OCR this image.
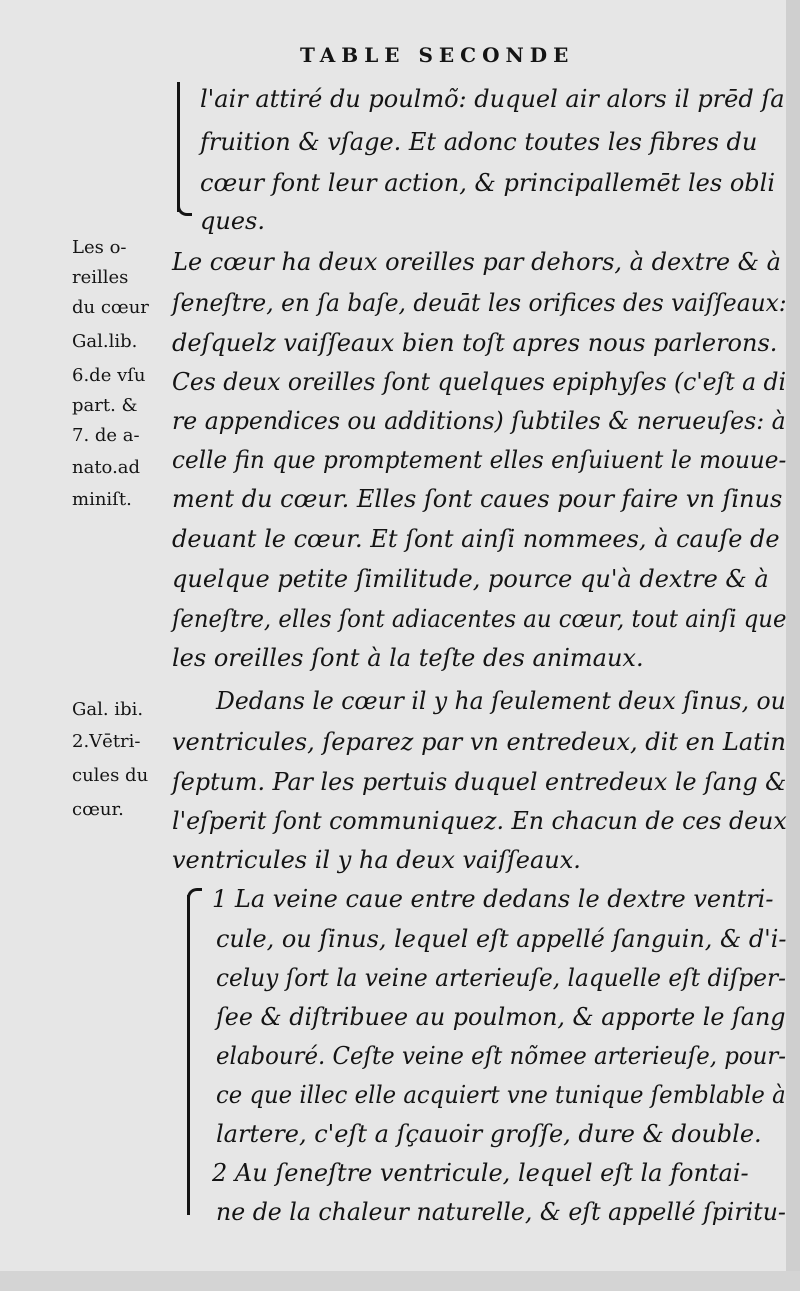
TABLE SECONDE
l'air attiré du poulmõ: duquel air alors il prēd ſa
fruition & vſage. Et adonc toutes les fibres du
cœur font leur action, & principallemēt les obli
ques.
Les o-
reilles
du cœur
Gal.lib.
6.de vſu
part. &
7. de a-
nato.ad
miniſt.
Le cœur ha deux oreilles par dehors, à dextre & à
ſeneſtre, en ſa baſe, deuāt les orifices des vaiſſeaux:
deſquelz vaiſſeaux bien toſt apres nous parlerons.
Ces deux oreilles ſont quelques epiphyſes (c'eſt a di
re appendices ou additions) ſubtiles & nerueuſes: à
celle fin que promptement elles enſuiuent le mouue-
ment du cœur. Elles ſont caues pour faire vn ſinus
deuant le cœur. Et ſont ainſi nommees, à cauſe de
quelque petite ſimilitude, pource qu'à dextre & à
ſeneſtre, elles ſont adiacentes au cœur, tout ainſi que
les oreilles ſont à la teſte des animaux.
Gal. ibi.
2.Vētri-
cules du
cœur.
Dedans le cœur il y ha ſeulement deux ſinus, ou
ventricules, ſeparez par vn entredeux, dit en Latin
ſeptum. Par les pertuis duquel entredeux le ſang &
l'eſperit ſont communiquez. En chacun de ces deux
ventricules il y ha deux vaiſſeaux.
1 La veine caue entre dedans le dextre ventri-
cule, ou ſinus, lequel eſt appellé ſanguin, & d'i-
celuy ſort la veine arterieuſe, laquelle eſt diſper-
ſee & diſtribuee au poulmon, & apporte le ſang
elabouré. Ceſte veine eſt nõmee arterieuſe, pour-
ce que illec elle acquiert vne tunique ſemblable à
lartere, c'eſt a ſçauoir groſſe, dure & double.
2 Au ſeneſtre ventricule, lequel eſt la fontai-
ne de la chaleur naturelle, & eſt appellé ſpiritu-
